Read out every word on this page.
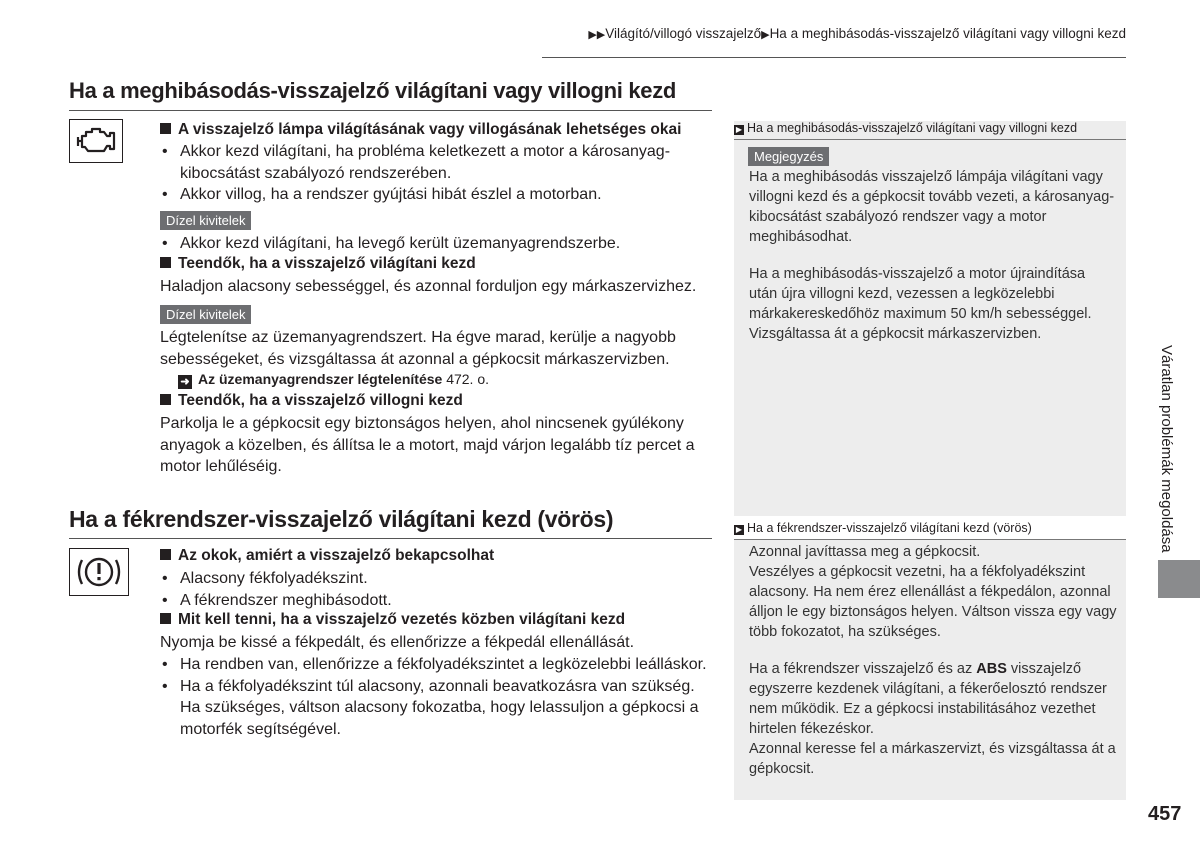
▶▶Világító/villogó visszajelző▶Ha a meghibásodás-visszajelző világítani vagy villogni kezd
Ha a meghibásodás-visszajelző világítani vagy villogni kezd
A visszajelző lámpa világításának vagy villogásának lehetséges okai
• Akkor kezd világítani, ha probléma keletkezett a motor a károsanyag-kibocsátást szabályozó rendszerében.
• Akkor villog, ha a rendszer gyújtási hibát észlel a motorban.
Dízel kivitelek
• Akkor kezd világítani, ha levegő került üzemanyagrendszerbe.
Teendők, ha a visszajelző világítani kezd
Haladjon alacsony sebességgel, és azonnal forduljon egy márkaszervizhez.
Dízel kivitelek
Légtelenítse az üzemanyagrendszert. Ha égve marad, kerülje a nagyobb sebességeket, és vizsgáltassa át azonnal a gépkocsit márkaszervizben.
➜ Az üzemanyagrendszer légtelenítése 472. o.
Teendők, ha a visszajelző villogni kezd
Parkolja le a gépkocsit egy biztonságos helyen, ahol nincsenek gyúlékony anyagok a közelben, és állítsa le a motort, majd várjon legalább tíz percet a motor lehűléséig.
Ha a fékrendszer-visszajelző világítani kezd (vörös)
Az okok, amiért a visszajelző bekapcsolhat
• Alacsony fékfolyadékszint.
• A fékrendszer meghibásodott.
Mit kell tenni, ha a visszajelző vezetés közben világítani kezd
Nyomja be kissé a fékpedált, és ellenőrizze a fékpedál ellenállását.
• Ha rendben van, ellenőrizze a fékfolyadékszintet a legközelebbi leálláskor.
• Ha a fékfolyadékszint túl alacsony, azonnali beavatkozásra van szükség. Ha szükséges, váltson alacsony fokozatba, hogy lelassuljon a gépkocsi a motorfék segítségével.
▶ Ha a meghibásodás-visszajelző világítani vagy villogni kezd
Megjegyzés
Ha a meghibásodás visszajelző lámpája világítani vagy villogni kezd és a gépkocsit tovább vezeti, a károsanyag-kibocsátást szabályozó rendszer vagy a motor meghibásodhat.
Ha a meghibásodás-visszajelző a motor újraindítása után újra villogni kezd, vezessen a legközelebbi márkakereskedőhöz maximum 50 km/h sebességgel. Vizsgáltassa át a gépkocsit márkaszervizben.
▶ Ha a fékrendszer-visszajelző világítani kezd (vörös)
Azonnal javíttassa meg a gépkocsit.
Veszélyes a gépkocsit vezetni, ha a fékfolyadékszint alacsony. Ha nem érez ellenállást a fékpedálon, azonnal álljon le egy biztonságos helyen. Váltson vissza egy vagy több fokozatot, ha szükséges.
Ha a fékrendszer visszajelző és az ABS visszajelző egyszerre kezdenek világítani, a fékerőelosztó rendszer nem működik. Ez a gépkocsi instabilitásához vezethet hirtelen fékezéskor.
Azonnal keresse fel a márkaszervizt, és vizsgáltassa át a gépkocsit.
Váratlan problémák megoldása
457
